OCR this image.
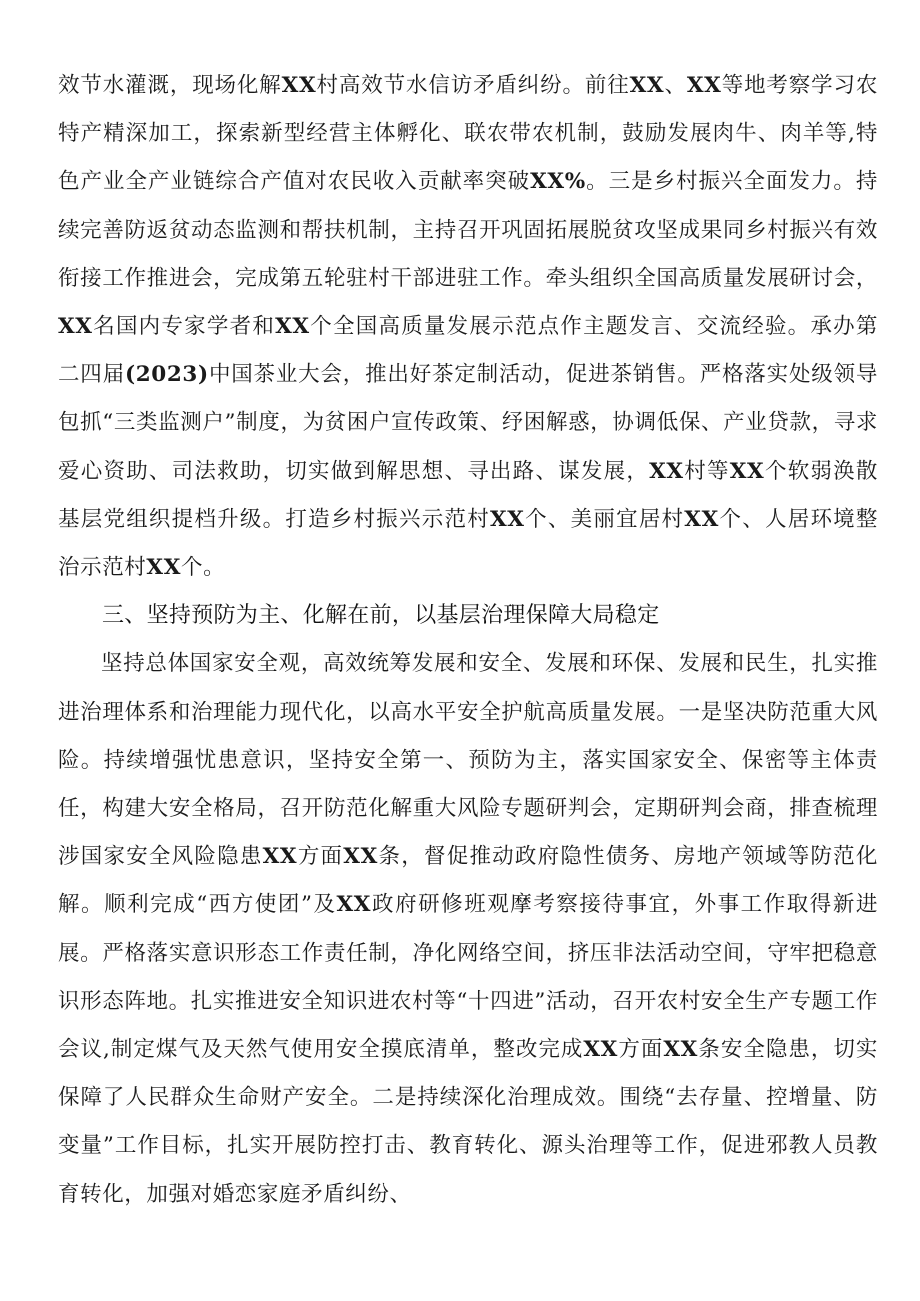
效节水灌溉，现场化解XX村高效节水信访矛盾纠纷。前往XX、XX等地考察学习农特产精深加工，探索新型经营主体孵化、联农带农机制，鼓励发展肉牛、肉羊等,特色产业全产业链综合产值对农民收入贡献率突破XX%。三是乡村振兴全面发力。持续完善防返贫动态监测和帮扶机制，主持召开巩固拓展脱贫攻坚成果同乡村振兴有效衔接工作推进会，完成第五轮驻村干部进驻工作。牵头组织全国高质量发展研讨会，XX名国内专家学者和XX个全国高质量发展示范点作主题发言、交流经验。承办第二四届(2023)中国茶业大会，推出好茶定制活动，促进茶销售。严格落实处级领导包抓“三类监测户”制度，为贫困户宣传政策、纾困解惑，协调低保、产业贷款，寻求爱心资助、司法救助，切实做到解思想、寻出路、谋发展，XX村等XX个软弱涣散基层党组织提档升级。打造乡村振兴示范村XX个、美丽宜居村XX个、人居环境整治示范村XX个。

三、坚持预防为主、化解在前，以基层治理保障大局稳定

坚持总体国家安全观，高效统筹发展和安全、发展和环保、发展和民生，扎实推进治理体系和治理能力现代化，以高水平安全护航高质量发展。一是坚决防范重大风险。持续增强忧患意识，坚持安全第一、预防为主，落实国家安全、保密等主体责任，构建大安全格局，召开防范化解重大风险专题研判会，定期研判会商，排查梳理涉国家安全风险隐患XX方面XX条，督促推动政府隐性债务、房地产领域等防范化解。顺利完成“西方使团”及XX政府研修班观摩考察接待事宜，外事工作取得新进展。严格落实意识形态工作责任制，净化网络空间，挤压非法活动空间，守牢把稳意识形态阵地。扎实推进安全知识进农村等“十四进”活动，召开农村安全生产专题工作会议,制定煤气及天然气使用安全摸底清单，整改完成XX方面XX条安全隐患，切实保障了人民群众生命财产安全。二是持续深化治理成效。围绕“去存量、控增量、防变量”工作目标，扎实开展防控打击、教育转化、源头治理等工作，促进邪教人员教育转化，加强对婚恋家庭矛盾纠纷、
